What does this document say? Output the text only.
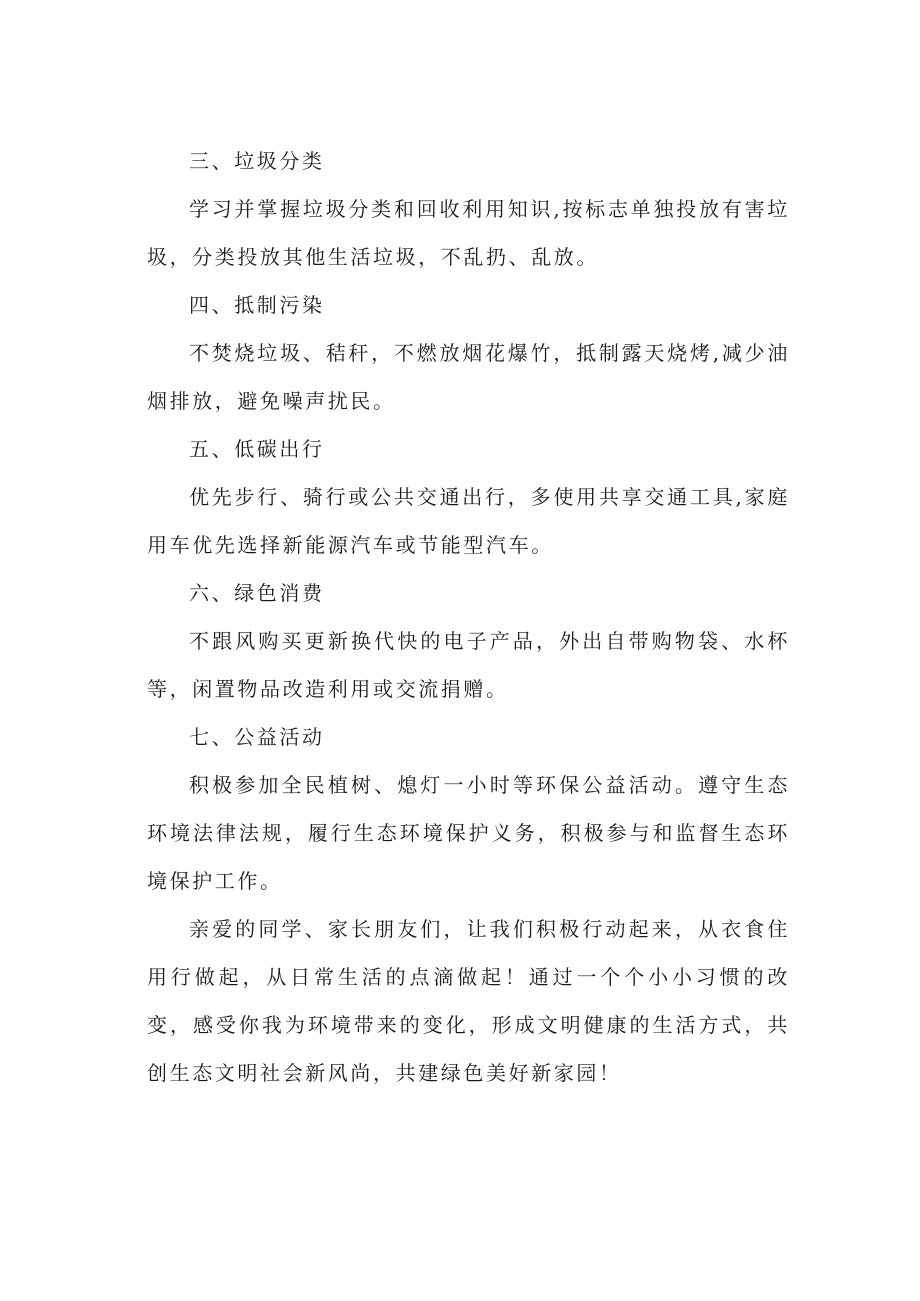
三、垃圾分类

学习并掌握垃圾分类和回收利用知识,按标志单独投放有害垃圾，分类投放其他生活垃圾，不乱扔、乱放。

四、抵制污染

不焚烧垃圾、秸秆，不燃放烟花爆竹，抵制露天烧烤,减少油烟排放，避免噪声扰民。

五、低碳出行

优先步行、骑行或公共交通出行，多使用共享交通工具,家庭用车优先选择新能源汽车或节能型汽车。

六、绿色消费

不跟风购买更新换代快的电子产品，外出自带购物袋、水杯等，闲置物品改造利用或交流捐赠。

七、公益活动

积极参加全民植树、熄灯一小时等环保公益活动。遵守生态环境法律法规，履行生态环境保护义务，积极参与和监督生态环境保护工作。

亲爱的同学、家长朋友们，让我们积极行动起来，从衣食住用行做起，从日常生活的点滴做起！通过一个个小小习惯的改变，感受你我为环境带来的变化，形成文明健康的生活方式，共创生态文明社会新风尚，共建绿色美好新家园！
